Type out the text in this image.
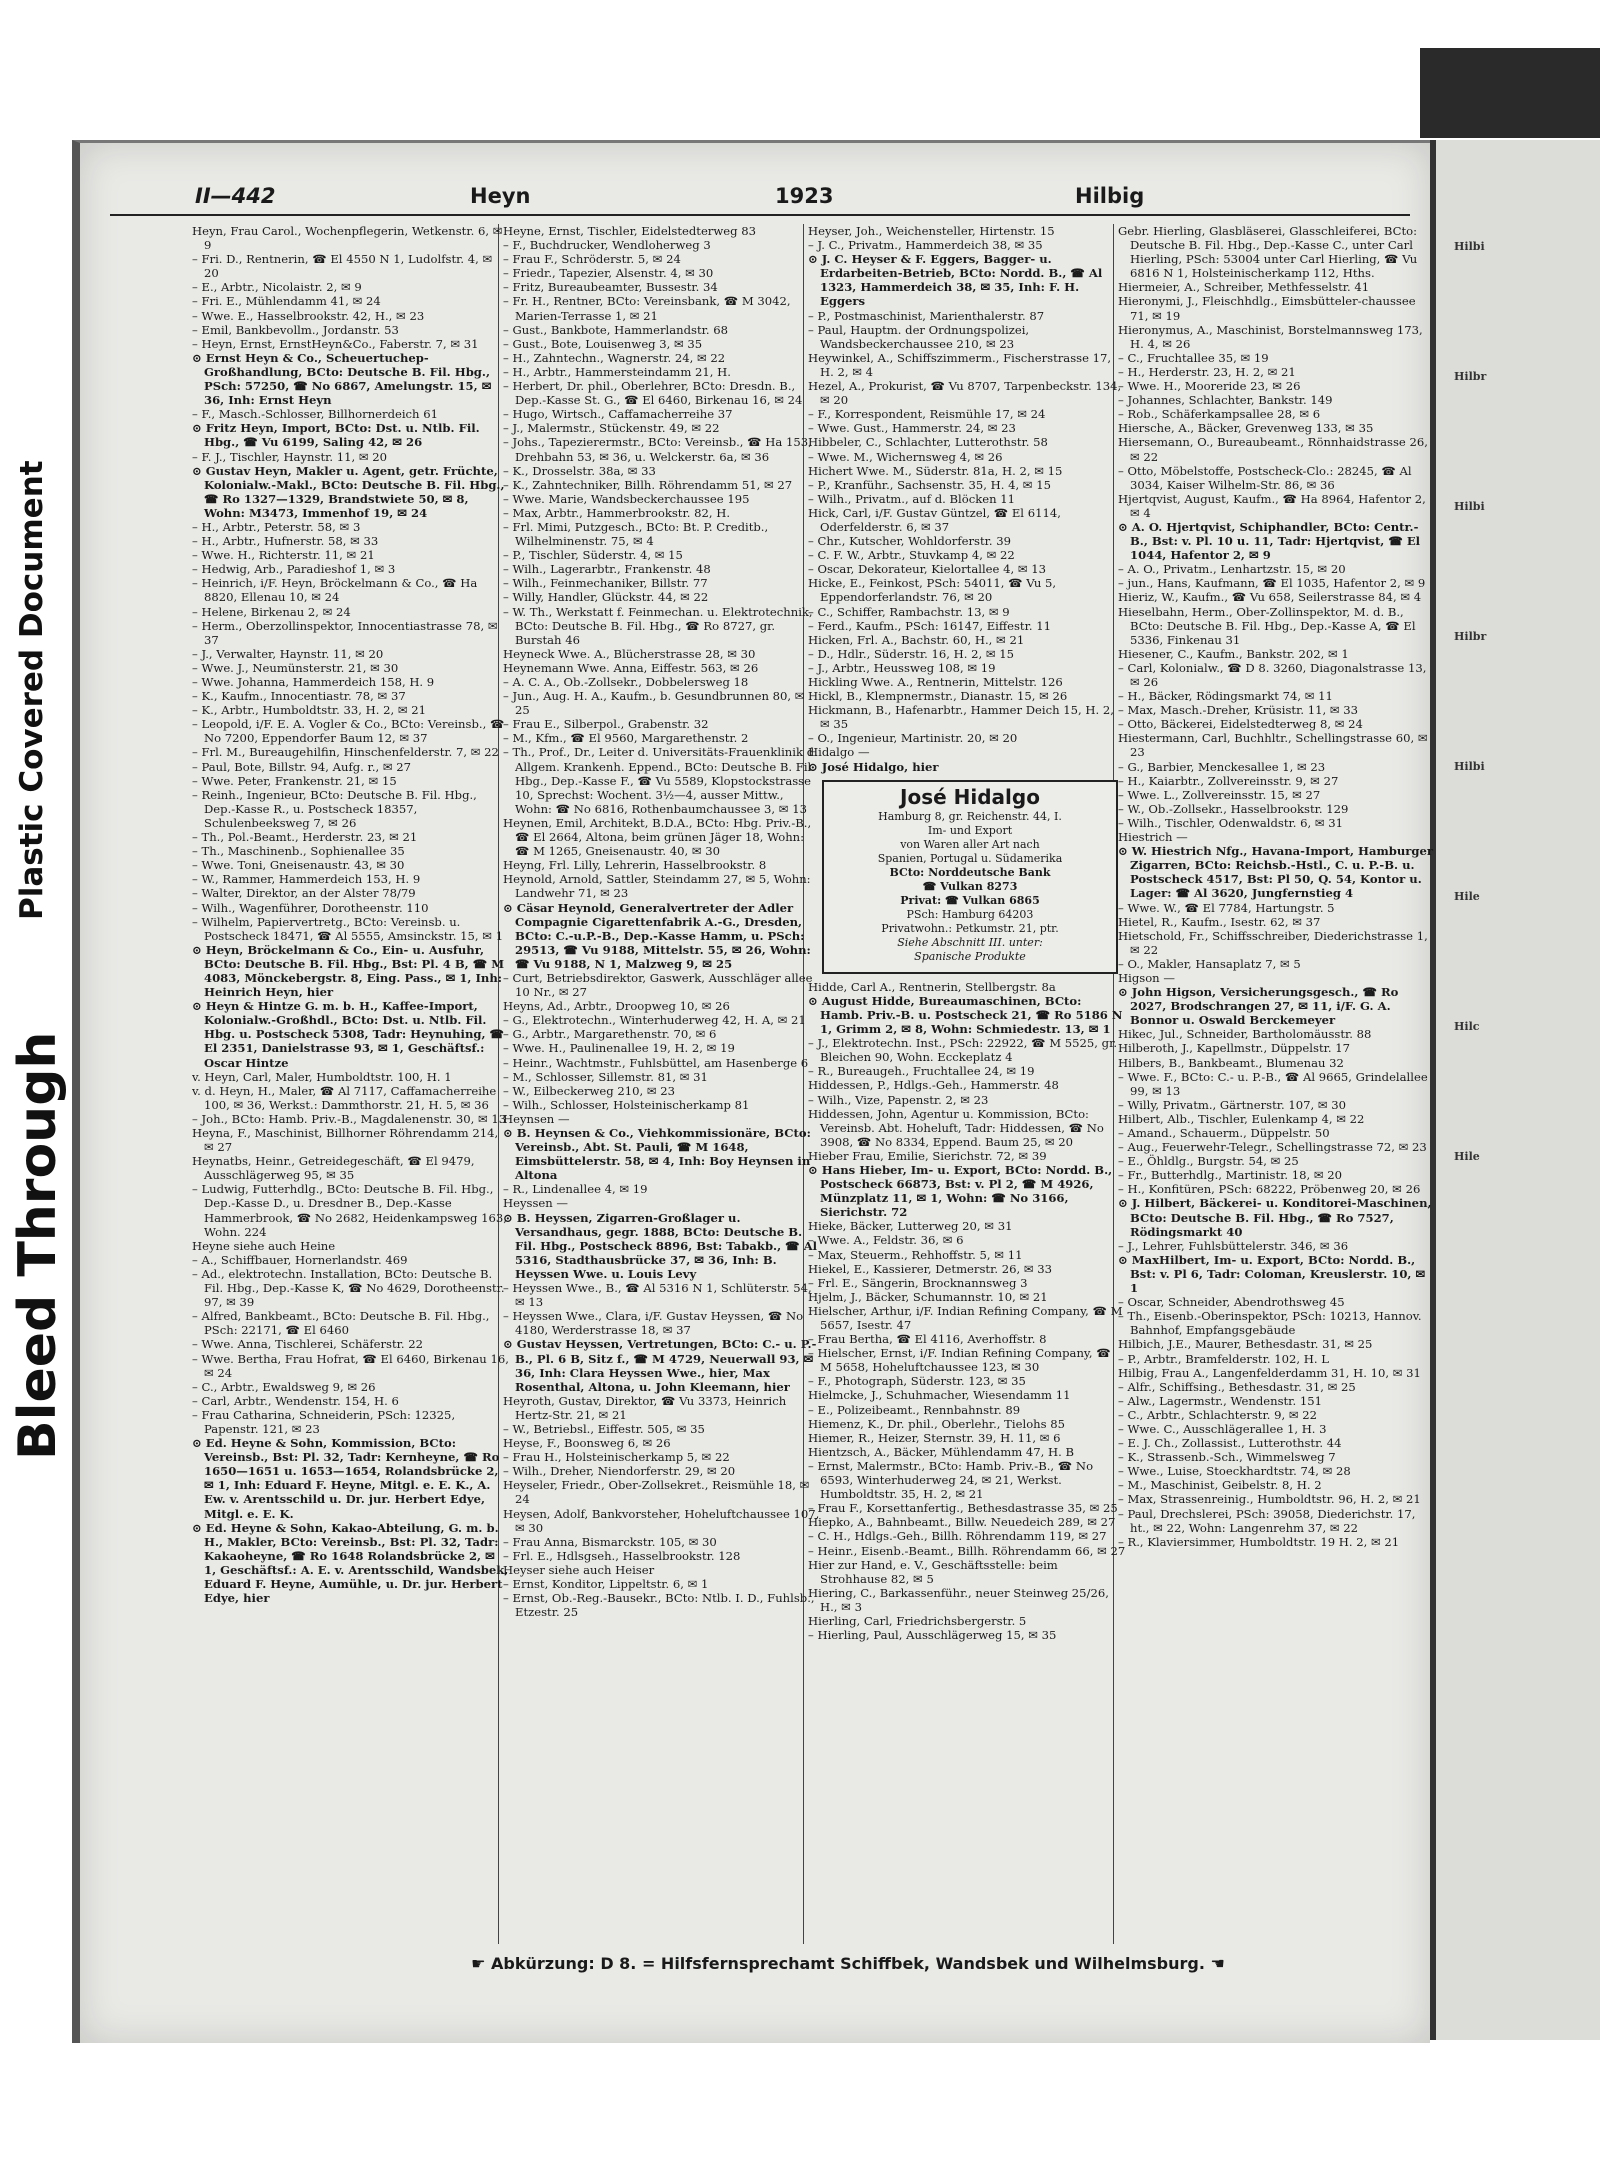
Plastic Covered Document
Bleed Through
Hilbi
Hilbr
Hilbi
Hilbr
Hilbi
Hile
Hilc
Hile
II—442	Heyn	1923	Hilbig

Heyn, Frau Carol., Wochenpflegerin, Wetkenstr. 6, ✉ 9

– Fri. D., Rentnerin, ☎ El 4550 N 1, Ludolfstr. 4, ✉ 20

– E., Arbtr., Nicolaistr. 2, ✉ 9

– Fri. E., Mühlendamm 41, ✉ 24

– Wwe. E., Hasselbrookstr. 42, H., ✉ 23

– Emil, Bankbevollm., Jordanstr. 53

– Heyn, Ernst, ErnstHeyn&Co., Faberstr. 7, ✉ 31

⊙ Ernst Heyn & Co., Scheuertuchер-Großhandlung, BCto: Deutsche B. Fil. Hbg., PSch: 57250, ☎ No 6867, Amelungstr. 15, ✉ 36, Inh: Ernst Heyn

– F., Masch.-Schlosser, Billhornerdeich 61

⊙ Fritz Heyn, Import, BCto: Dst. u. Ntlb. Fil. Hbg., ☎ Vu 6199, Saling 42, ✉ 26

– F. J., Tischler, Haynstr. 11, ✉ 20

⊙ Gustav Heyn, Makler u. Agent, getr. Früchte, Kolonialw.-Makl., BCto: Deutsche B. Fil. Hbg., ☎ Ro 1327—1329, Brandstwiete 50, ✉ 8, Wohn: M3473, Immenhof 19, ✉ 24

– H., Arbtr., Peterstr. 58, ✉ 3

– H., Arbtr., Hufnerstr. 58, ✉ 33

– Wwe. H., Richterstr. 11, ✉ 21

– Hedwig, Arb., Paradieshof 1, ✉ 3

– Heinrich, i/F. Heyn, Bröckelmann & Co., ☎ Ha 8820, Ellenau 10, ✉ 24

– Helene, Birkenau 2, ✉ 24

– Herm., Oberzollinspektor, Innocentiastrasse 78, ✉ 37

– J., Verwalter, Haynstr. 11, ✉ 20

– Wwe. J., Neumünsterstr. 21, ✉ 30

– Wwe. Johanna, Hammerdeich 158, H. 9

– K., Kaufm., Innocentiastr. 78, ✉ 37

– K., Arbtr., Humboldtstr. 33, H. 2, ✉ 21

– Leopold, i/F. E. A. Vogler & Co., BCto: Vereinsb., ☎ No 7200, Eppendorfer Baum 12, ✉ 37

– Frl. M., Bureaugehilfin, Hinschenfelderstr. 7, ✉ 22

– Paul, Bote, Billstr. 94, Aufg. r., ✉ 27

– Wwe. Peter, Frankenstr. 21, ✉ 15

– Reinh., Ingenieur, BCto: Deutsche B. Fil. Hbg., Dep.-Kasse R., u. Postscheck 18357, Schulenbeeksweg 7, ✉ 26

– Th., Pol.-Beamt., Herderstr. 23, ✉ 21

– Th., Maschinenb., Sophienallee 35

– Wwe. Toni, Gneisenaustr. 43, ✉ 30

– W., Rammer, Hammerdeich 153, H. 9

– Walter, Direktor, an der Alster 78/79

– Wilh., Wagenführer, Dorotheenstr. 110

– Wilhelm, Papiervertretg., BCto: Vereinsb. u. Postscheck 18471, ☎ Al 5555, Amsinckstr. 15, ✉ 1

⊙ Heyn, Bröckelmann & Co., Ein- u. Ausfuhr, BCto: Deutsche B. Fil. Hbg., Bst: Pl. 4 B, ☎ M 4083, Mönckebergstr. 8, Eing. Pass., ✉ 1, Inh: Heinrich Heyn, hier

⊙ Heyn & Hintze G. m. b. H., Kaffee-Import, Kolonialw.-Großhdl., BCto: Dst. u. Ntlb. Fil. Hbg. u. Postscheck 5308, Tadr: Heynuhing, ☎ El 2351, Danielstrasse 93, ✉ 1, Geschäftsf.: Oscar Hintze

v. Heyn, Carl, Maler, Humboldtstr. 100, H. 1

v. d. Heyn, H., Maler, ☎ Al 7117, Caffamacherreihe 100, ✉ 36, Werkst.: Dammthorstr. 21, H. 5, ✉ 36

– Joh., BCto: Hamb. Priv.-B., Magdalenenstr. 30, ✉ 13

Heyna, F., Maschinist, Billhorner Röhrendamm 214, ✉ 27

Heynatbs, Heinr., Getreidegeschäft, ☎ El 9479, Ausschlägerweg 95, ✉ 35

– Ludwig, Futterhdlg., BCto: Deutsche B. Fil. Hbg., Dep.-Kasse D., u. Dresdner B., Dep.-Kasse Hammerbrook, ☎ No 2682, Heidenkampsweg 163, Wohn. 224

Heyne siehe auch Heine

– A., Schiffbauer, Hornerlandstr. 469

– Ad., elektrotechn. Installation, BCto: Deutsche B. Fil. Hbg., Dep.-Kasse K, ☎ No 4629, Dorotheenstr. 97, ✉ 39

– Alfred, Bankbeamt., BCto: Deutsche B. Fil. Hbg., PSch: 22171, ☎ El 6460

– Wwe. Anna, Tischlerei, Schäferstr. 22

– Wwe. Bertha, Frau Hofrat, ☎ El 6460, Birkenau 16, ✉ 24

– C., Arbtr., Ewaldsweg 9, ✉ 26

– Carl, Arbtr., Wendenstr. 154, H. 6

– Frau Catharina, Schneiderin, PSch: 12325, Papenstr. 121, ✉ 23

⊙ Ed. Heyne & Sohn, Kommission, BCto: Vereinsb., Bst: Pl. 32, Tadr: Kernheyne, ☎ Ro 1650—1651 u. 1653—1654, Rolandsbrücke 2, ✉ 1, Inh: Eduard F. Heyne, Mitgl. e. E. K., A. Ew. v. Arentsschild u. Dr. jur. Herbert Edye, Mitgl. e. E. K.

⊙ Ed. Heyne & Sohn, Kakao-Abteilung, G. m. b. H., Makler, BCto: Vereinsb., Bst: Pl. 32, Tadr: Kakaoheyne, ☎ Ro 1648 Rolandsbrücke 2, ✉ 1, Geschäftsf.: A. E. v. Arentsschild, Wandsbek, Eduard F. Heyne, Aumühle, u. Dr. jur. Herbert Edye, hier

Heyne, Ernst, Tischler, Eidelstedterweg 83

– F., Buchdrucker, Wendloherweg 3

– Frau F., Schröderstr. 5, ✉ 24

– Friedr., Tapezier, Alsenstr. 4, ✉ 30

– Fritz, Bureaubeamter, Bussestr. 34

– Fr. H., Rentner, BCto: Vereinsbank, ☎ M 3042, Marien-Terrasse 1, ✉ 21

– Gust., Bankbote, Hammerlandstr. 68

– Gust., Bote, Louisenweg 3, ✉ 35

– H., Zahntechn., Wagnerstr. 24, ✉ 22

– H., Arbtr., Hammersteindamm 21, H.

– Herbert, Dr. phil., Oberlehrer, BCto: Dresdn. B., Dep.-Kasse St. G., ☎ El 6460, Birkenau 16, ✉ 24

– Hugo, Wirtsch., Caffamacherreihe 37

– J., Malermstr., Stückenstr. 49, ✉ 22

– Johs., Tapezierermstr., BCto: Vereinsb., ☎ Ha 153, Drehbahn 53, ✉ 36, u. Welckerstr. 6a, ✉ 36

– K., Drosselstr. 38a, ✉ 33

– K., Zahntechniker, Billh. Röhrendamm 51, ✉ 27

– Wwe. Marie, Wandsbeckerchaussee 195

– Max, Arbtr., Hammerbrookstr. 82, H.

– Frl. Mimi, Putzgesch., BCto: Bt. P. Creditb., Wilhelminenstr. 75, ✉ 4

– P., Tischler, Süderstr. 4, ✉ 15

– Wilh., Lagerarbtr., Frankenstr. 48

– Wilh., Feinmechaniker, Billstr. 77

– Willy, Handler, Glückstr. 44, ✉ 22

– W. Th., Werkstatt f. Feinmechan. u. Elektrotechnik, BCto: Deutsche B. Fil. Hbg., ☎ Ro 8727, gr. Burstah 46

Heyneck Wwe. A., Blücherstrasse 28, ✉ 30

Heynemann Wwe. Anna, Eiffestr. 563, ✉ 26

– A. C. A., Ob.-Zollsekr., Dobbelersweg 18

– Jun., Aug. H. A., Kaufm., b. Gesundbrunnen 80, ✉ 25

– Frau E., Silberpol., Grabenstr. 32

– M., Kfm., ☎ El 9560, Margarethenstr. 2

– Th., Prof., Dr., Leiter d. Universitäts-Frauenklinik d. Allgem. Krankenh. Eppend., BCto: Deutsche B. Fil. Hbg., Dep.-Kasse F., ☎ Vu 5589, Klopstockstrasse 10, Sprechst: Wochent. 3½—4, ausser Mittw., Wohn: ☎ No 6816, Rothenbaumchaussee 3, ✉ 13

Heynen, Emil, Architekt, B.D.A., BCto: Hbg. Priv.-B., ☎ El 2664, Altona, beim grünen Jäger 18, Wohn: ☎ M 1265, Gneisenaustr. 40, ✉ 30

Heyng, Frl. Lilly, Lehrerin, Hasselbrookstr. 8

Heynold, Arnold, Sattler, Steindamm 27, ✉ 5, Wohn: Landwehr 71, ✉ 23

⊙ Cäsar Heynold, Generalvertreter der Adler Compagnie Cigarettenfabrik A.-G., Dresden, BCto: C.-u.P.-B., Dep.-Kasse Hamm, u. PSch: 29513, ☎ Vu 9188, Mittelstr. 55, ✉ 26, Wohn: ☎ Vu 9188, N 1, Malzweg 9, ✉ 25

– Curt, Betriebsdirektor, Gaswerk, Ausschläger allee 10 Nr., ✉ 27

Heyns, Ad., Arbtr., Droopweg 10, ✉ 26

– G., Elektrotechn., Winterhuderweg 42, H. A, ✉ 21

– G., Arbtr., Margarethenstr. 70, ✉ 6

– Wwe. H., Paulinenallee 19, H. 2, ✉ 19

– Heinr., Wachtmstr., Fuhlsbüttel, am Hasenberge 6

– M., Schlosser, Sillemstr. 81, ✉ 31

– W., Eilbeckerweg 210, ✉ 23

– Wilh., Schlosser, Holsteinischerkamp 81

Heynsen —

⊙ B. Heynsen & Co., Viehkommissionäre, BCto: Vereinsb., Abt. St. Pauli, ☎ M 1648, Eimsbüttelerstr. 58, ✉ 4, Inh: Boy Heynsen in Altona

– R., Lindenallee 4, ✉ 19

Heyssen —

⊙ B. Heyssen, Zigarren-Großlager u. Versandhaus, gegr. 1888, BCto: Deutsche B. Fil. Hbg., Postscheck 8896, Bst: Tabakb., ☎ Al 5316, Stadthausbrücke 37, ✉ 36, Inh: B. Heyssen Wwe. u. Louis Levy

– Heyssen Wwe., B., ☎ Al 5316 N 1, Schlüterstr. 54, ✉ 13

– Heyssen Wwe., Clara, i/F. Gustav Heyssen, ☎ No 4180, Werderstrasse 18, ✉ 37

⊙ Gustav Heyssen, Vertretungen, BCto: C.- u. P.-B., Pl. 6 B, Sitz f., ☎ M 4729, Neuerwall 93, ✉ 36, Inh: Clara Heyssen Wwe., hier, Max Rosenthal, Altona, u. John Kleemann, hier

Heyroth, Gustav, Direktor, ☎ Vu 3373, Heinrich Hertz-Str. 21, ✉ 21

– W., Betriebsl., Eiffestr. 505, ✉ 35

Heyse, F., Boonsweg 6, ✉ 26

– Frau H., Holsteinischerkamp 5, ✉ 22

– Wilh., Dreher, Niendorferstr. 29, ✉ 20

Heyseler, Friedr., Ober-Zollsekret., Reismühle 18, ✉ 24

Heysen, Adolf, Bankvorsteher, Hoheluftchaussee 107, ✉ 30

– Frau Anna, Bismarckstr. 105, ✉ 30

– Frl. E., Hdlsgseh., Hasselbrookstr. 128

Heyser siehe auch Heiser

– Ernst, Konditor, Lippeltstr. 6, ✉ 1

– Ernst, Ob.-Reg.-Bausekr., BCto: Ntlb. I. D., Fuhlsb., Etzestr. 25

Heyser, Joh., Weichensteller, Hirtenstr. 15

– J. C., Privatm., Hammerdeich 38, ✉ 35

⊙ J. C. Heyser & F. Eggers, Bagger- u. Erdarbeiten-Betrieb, BCto: Nordd. B., ☎ Al 1323, Hammerdeich 38, ✉ 35, Inh: F. H. Eggers

– P., Postmaschinist, Marienthalerstr. 87

– Paul, Hauptm. der Ordnungspolizei, Wandsbeckerchaussee 210, ✉ 23

Heywinkel, A., Schiffszimmerm., Fischerstrasse 17, H. 2, ✉ 4

Hezel, A., Prokurist, ☎ Vu 8707, Tarpenbeckstr. 134, ✉ 20

– F., Korrespondent, Reismühle 17, ✉ 24

– Wwe. Gust., Hammerstr. 24, ✉ 23

Hibbeler, C., Schlachter, Lutterothstr. 58

– Wwe. M., Wichernsweg 4, ✉ 26

Hichert Wwe. M., Süderstr. 81a, H. 2, ✉ 15

– P., Kranführ., Sachsenstr. 35, H. 4, ✉ 15

– Wilh., Privatm., auf d. Blöcken 11

Hick, Carl, i/F. Gustav Güntzel, ☎ El 6114, Oderfelderstr. 6, ✉ 37

– Chr., Kutscher, Wohldorferstr. 39

– C. F. W., Arbtr., Stuvkamp 4, ✉ 22

– Oscar, Dekorateur, Kielortallee 4, ✉ 13

Hicke, E., Feinkost, PSch: 54011, ☎ Vu 5, Eppendorferlandstr. 76, ✉ 20

– C., Schiffer, Rambachstr. 13, ✉ 9

– Ferd., Kaufm., PSch: 16147, Eiffestr. 11

Hicken, Frl. A., Bachstr. 60, H., ✉ 21

– D., Hdlr., Süderstr. 16, H. 2, ✉ 15

– J., Arbtr., Heussweg 108, ✉ 19

Hickling Wwe. A., Rentnerin, Mittelstr. 126

Hickl, B., Klempnermstr., Dianastr. 15, ✉ 26

Hickmann, B., Hafenarbtr., Hammer Deich 15, H. 2, ✉ 35

– O., Ingenieur, Martinistr. 20, ✉ 20

Hidalgo —

⊙ José Hidalgo, hier

José Hidalgo
Hamburg 8, gr. Reichenstr. 44, I.
Im- und Export
von Waren aller Art nach
Spanien, Portugal u. Südamerika
BCto: Norddeutsche Bank
☎ Vulkan 8273
Privat: ☎ Vulkan 6865
PSch: Hamburg 64203
Privatwohn.: Petkumstr. 21, ptr.
Siehe Abschnitt III. unter:
Spanische Produkte

Hidde, Carl A., Rentnerin, Stellbergstr. 8a

⊙ August Hidde, Bureaumaschinen, BCto: Hamb. Priv.-B. u. Postscheck 21, ☎ Ro 5186 N 1, Grimm 2, ✉ 8, Wohn: Schmiedestr. 13, ✉ 1

– J., Elektrotechn. Inst., PSch: 22922, ☎ M 5525, gr. Bleichen 90, Wohn. Ecckeplatz 4

– R., Bureaugeh., Fruchtallee 24, ✉ 19

Hiddessen, P., Hdlgs.-Geh., Hammerstr. 48

– Wilh., Vize, Papenstr. 2, ✉ 23

Hiddessen, John, Agentur u. Kommission, BCto: Vereinsb. Abt. Hoheluft, Tadr: Hiddessen, ☎ No 3908, ☎ No 8334, Eppend. Baum 25, ✉ 20

Hieber Frau, Emilie, Sierichstr. 72, ✉ 39

⊙ Hans Hieber, Im- u. Export, BCto: Nordd. B., Postscheck 66873, Bst: v. Pl 2, ☎ M 4926, Münzplatz 11, ✉ 1, Wohn: ☎ No 3166, Sierichstr. 72

Hieke, Bäcker, Lutterweg 20, ✉ 31

– Wwe. A., Feldstr. 36, ✉ 6

– Max, Steuerm., Rehhoffstr. 5, ✉ 11

Hiekel, E., Kassierer, Detmerstr. 26, ✉ 33

– Frl. E., Sängerin, Brocknannsweg 3

Hjelm, J., Bäcker, Schumannstr. 10, ✉ 21

Hielscher, Arthur, i/F. Indian Refining Company, ☎ M 5657, Isestr. 47

– Frau Bertha, ☎ El 4116, Averhoffstr. 8

– Hielscher, Ernst, i/F. Indian Refining Company, ☎ M 5658, Hoheluftchaussee 123, ✉ 30

– F., Photograph, Süderstr. 123, ✉ 35

Hielmcke, J., Schuhmacher, Wiesendamm 11

– E., Polizeibeamt., Rennbahnstr. 89

Hiemenz, K., Dr. phil., Oberlehr., Tielohs 85

Hiemer, R., Heizer, Sternstr. 39, H. 11, ✉ 6

Hientzsch, A., Bäcker, Mühlendamm 47, H. B

– Ernst, Malermstr., BCto: Hamb. Priv.-B., ☎ No 6593, Winterhuderweg 24, ✉ 21, Werkst. Humboldtstr. 35, H. 2, ✉ 21

– Frau F., Korsettanfertig., Bethesdastrasse 35, ✉ 25

Hiepko, A., Bahnbeamt., Billw. Neuedeich 289, ✉ 27

– C. H., Hdlgs.-Geh., Billh. Röhrendamm 119, ✉ 27

– Heinr., Eisenb.-Beamt., Billh. Röhrendamm 66, ✉ 27

Hier zur Hand, e. V., Geschäftsstelle: beim Strohhause 82, ✉ 5

Hiering, C., Barkassenführ., neuer Steinweg 25/26, H., ✉ 3

Hierling, Carl, Friedrichsbergerstr. 5

– Hierling, Paul, Ausschlägerweg 15, ✉ 35

Gebr. Hierling, Glasbläserei, Glasschleiferei, BCto: Deutsche B. Fil. Hbg., Dep.-Kasse C., unter Carl Hierling, PSch: 53004 unter Carl Hierling, ☎ Vu 6816 N 1, Holsteinischerkamp 112, Hths.

Hiermeier, A., Schreiber, Methfesselstr. 41

Hieronymi, J., Fleischhdlg., Eimsbütteler-chaussee 71, ✉ 19

Hieronymus, A., Maschinist, Borstelmannsweg 173, H. 4, ✉ 26

– C., Fruchtallee 35, ✉ 19

– H., Herderstr. 23, H. 2, ✉ 21

– Wwe. H., Mooreride 23, ✉ 26

– Johannes, Schlachter, Bankstr. 149

– Rob., Schäferkampsallee 28, ✉ 6

Hiersche, A., Bäcker, Grevenweg 133, ✉ 35

Hiersemann, O., Bureaubeamt., Rönnhaidstrasse 26, ✉ 22

– Otto, Möbelstoffe, Postscheck-Clo.: 28245, ☎ Al 3034, Kaiser Wilhelm-Str. 86, ✉ 36

Hjertqvist, August, Kaufm., ☎ Ha 8964, Hafentor 2, ✉ 4

⊙ A. O. Hjertqvist, Schiphandler, BCto: Centr.-B., Bst: v. Pl. 10 u. 11, Tadr: Hjertqvist, ☎ El 1044, Hafentor 2, ✉ 9

– A. O., Privatm., Lenhartzstr. 15, ✉ 20

– jun., Hans, Kaufmann, ☎ El 1035, Hafentor 2, ✉ 9

Hieriz, W., Kaufm., ☎ Vu 658, Seilerstrasse 84, ✉ 4

Hieselbahn, Herm., Ober-Zollinspektor, M. d. B., BCto: Deutsche B. Fil. Hbg., Dep.-Kasse A, ☎ El 5336, Finkenau 31

Hiesener, C., Kaufm., Bankstr. 202, ✉ 1

– Carl, Kolonialw., ☎ D 8. 3260, Diagonalstrasse 13, ✉ 26

– H., Bäcker, Rödingsmarkt 74, ✉ 11

– Max, Masch.-Dreher, Krüsistr. 11, ✉ 33

– Otto, Bäckerei, Eidelstedterweg 8, ✉ 24

Hiestermann, Carl, Buchhltr., Schellingstrasse 60, ✉ 23

– G., Barbier, Menckesallee 1, ✉ 23

– H., Kaiarbtr., Zollvereinsstr. 9, ✉ 27

– Wwe. L., Zollvereinsstr. 15, ✉ 27

– W., Ob.-Zollsekr., Hasselbrookstr. 129

– Wilh., Tischler, Odenwaldstr. 6, ✉ 31

Hiestrich —

⊙ W. Hiestrich Nfg., Havana-Import, Hamburger Zigarren, BCto: Reichsb.-Hstl., C. u. P.-B. u. Postscheck 4517, Bst: Pl 50, Q. 54, Kontor u. Lager: ☎ Al 3620, Jungfernstieg 4

– Wwe. W., ☎ El 7784, Hartungstr. 5

Hietel, R., Kaufm., Isestr. 62, ✉ 37

Hietschold, Fr., Schiffsschreiber, Diederichstrasse 1, ✉ 22

– O., Makler, Hansaplatz 7, ✉ 5

Higson —

⊙ John Higson, Versicherungsgesch., ☎ Ro 2027, Brodschrangen 27, ✉ 11, i/F. G. A. Bonnor u. Oswald Berckemeyer

Hikec, Jul., Schneider, Bartholomäusstr. 88

Hilberoth, J., Kapellmstr., Düppelstr. 17

Hilbers, B., Bankbeamt., Blumenau 32

– Wwe. F., BCto: C.- u. P.-B., ☎ Al 9665, Grindelallee 99, ✉ 13

– Willy, Privatm., Gärtnerstr. 107, ✉ 30

Hilbert, Alb., Tischler, Eulenkamp 4, ✉ 22

– Amand., Schauerm., Düppelstr. 50

– Aug., Feuerwehr-Telegr., Schellingstrasse 72, ✉ 23

– E., Öhldlg., Burgstr. 54, ✉ 25

– Fr., Butterhdlg., Martinistr. 18, ✉ 20

– H., Konfitüren, PSch: 68222, Pröbenweg 20, ✉ 26

⊙ J. Hilbert, Bäckerei- u. Konditorei-Maschinen, BCto: Deutsche B. Fil. Hbg., ☎ Ro 7527, Rödingsmarkt 40

– J., Lehrer, Fuhlsbüttelerstr. 346, ✉ 36

⊙ MaxHilbert, Im- u. Export, BCto: Nordd. B., Bst: v. Pl 6, Tadr: Coloman, Kreuslerstr. 10, ✉ 1

– Oscar, Schneider, Abendrothsweg 45

– Th., Eisenb.-Oberinspektor, PSch: 10213, Hannov. Bahnhof, Empfangsgebäude

Hilbich, J.E., Maurer, Bethesdastr. 31, ✉ 25

– P., Arbtr., Bramfelderstr. 102, H. L

Hilbig, Frau A., Langenfelderdamm 31, H. 10, ✉ 31

– Alfr., Schiffsing., Bethesdastr. 31, ✉ 25

– Alw., Lagermstr., Wendenstr. 151

– C., Arbtr., Schlachterstr. 9, ✉ 22

– Wwe. C., Ausschlägerallee 1, H. 3

– E. J. Ch., Zollassist., Lutterothstr. 44

– K., Strassenb.-Sch., Wimmelsweg 7

– Wwe., Luise, Stoeckhardtstr. 74, ✉ 28

– M., Maschinist, Geibelstr. 8, H. 2

– Max, Strassenreinig., Humboldtstr. 96, H. 2, ✉ 21

– Paul, Drechslerei, PSch: 39058, Diederichstr. 17, ht., ✉ 22, Wohn: Langenrehm 37, ✉ 22

– R., Klaviersimmer, Humboldtstr. 19 H. 2, ✉ 21

☛ Abkürzung: D 8. = Hilfsfernsprechamt Schiffbek, Wandsbek und Wilhelmsburg. ☚
